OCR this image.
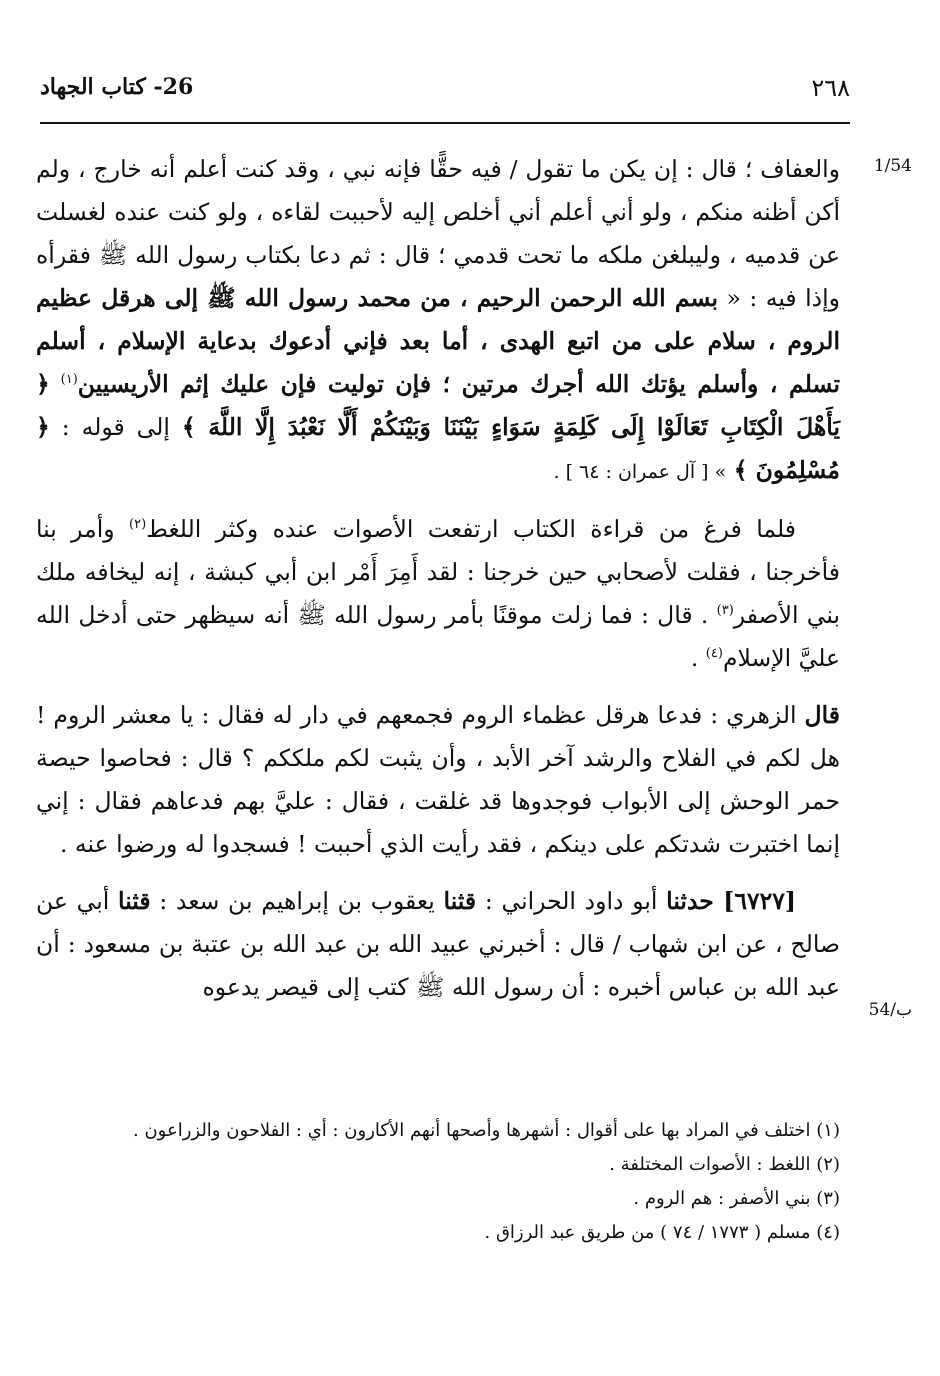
٢٦٨
26- كتاب الجهاد
1/54
54/ب

والعفاف ؛ قال : إن يكن ما تقول / فيه حقًّا فإنه نبي ، وقد كنت أعلم أنه خارج ، ولم أكن أظنه منكم ، ولو أني أعلم أني أخلص إليه لأحببت لقاءه ، ولو كنت عنده لغسلت عن قدميه ، وليبلغن ملكه ما تحت قدمي ؛ قال : ثم دعا بكتاب رسول الله ﷺ فقرأه وإذا فيه : « بسم الله الرحمن الرحيم ، من محمد رسول الله ﷺ إلى هرقل عظيم الروم ، سلام على من اتبع الهدى ، أما بعد فإني أدعوك بدعاية الإسلام ، أسلم تسلم ، وأسلم يؤتك الله أجرك مرتين ؛ فإن توليت فإن عليك إثم الأريسيين$^{(١)}$ ﴿ يَأَهْلَ الْكِتَابِ تَعَالَوْا إِلَى كَلِمَةٍ سَوَاءٍ بَيْنَنَا وَبَيْنَكُمْ أَلَّا نَعْبُدَ إِلَّا اللَّهَ ﴾ إلى قوله : ﴿ مُسْلِمُونَ ﴾ » [ آل عمران : ٦٤ ] .

فلما فرغ من قراءة الكتاب ارتفعت الأصوات عنده وكثر اللغط$^{(٢)}$ وأمر بنا فأخرجنا ، فقلت لأصحابي حين خرجنا : لقد أَمِرَ أَمْر ابن أبي كبشة ، إنه ليخافه ملك بني الأصفر$^{(٣)}$ . قال : فما زلت موقنًا بأمر رسول الله ﷺ أنه سيظهر حتى أدخل الله عليَّ الإسلام$^{(٤)}$ .

قال الزهري : فدعا هرقل عظماء الروم فجمعهم في دار له فقال : يا معشر الروم ! هل لكم في الفلاح والرشد آخر الأبد ، وأن يثبت لكم ملككم ؟ قال : فحاصوا حيصة حمر الوحش إلى الأبواب فوجدوها قد غلقت ، فقال : عليَّ بهم فدعاهم فقال : إني إنما اختبرت شدتكم على دينكم ، فقد رأيت الذي أحببت ! فسجدوا له ورضوا عنه .

[٦٧٢٧] حدثنا أبو داود الحراني : قثنا يعقوب بن إبراهيم بن سعد : قثنا أبي عن صالح ، عن ابن شهاب / قال : أخبرني عبيد الله بن عبد الله بن عتبة بن مسعود : أن عبد الله بن عباس أخبره : أن رسول الله ﷺ كتب إلى قيصر يدعوه

(١) اختلف في المراد بها على أقوال : أشهرها وأصحها أنهم الأكارون : أي : الفلاحون والزراعون .
(٢) اللغط : الأصوات المختلفة .
(٣) بني الأصفر : هم الروم .
(٤) مسلم ( ١٧٧٣ / ٧٤ ) من طريق عبد الرزاق .
